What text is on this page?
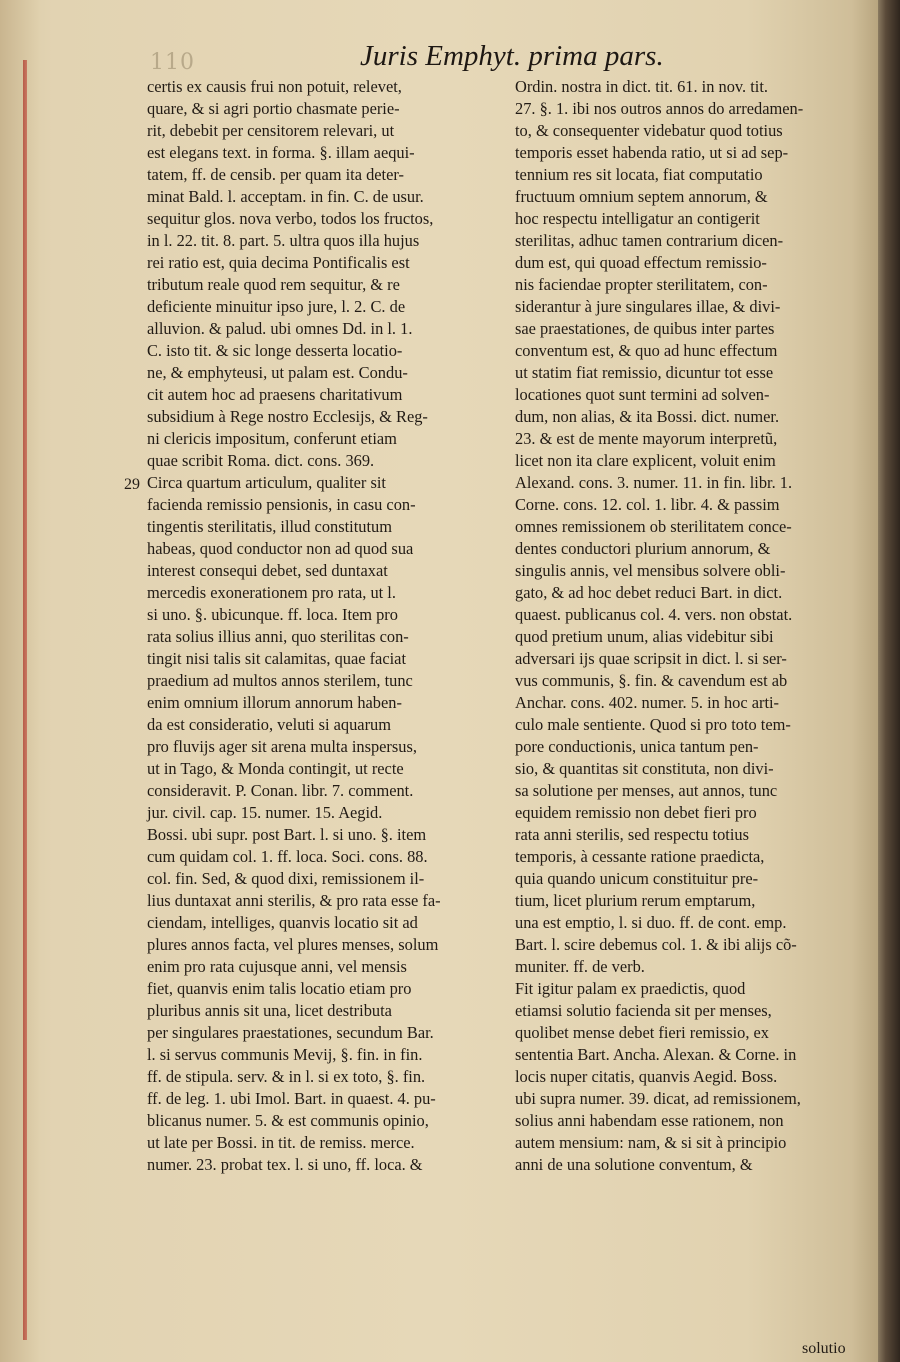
110	Juris Emphyt. prima pars.
certis ex causis frui non potuit, relevet,
quare, & si agri portio chasmate perie-
rit, debebit per censitorem relevari, ut
est elegans text. in forma. §. illam aequi-
tatem, ff. de censib. per quam ita deter-
minat Bald. l. acceptam. in fin. C. de usur.
sequitur glos. nova verbo, todos los fructos,
in l. 22. tit. 8. part. 5. ultra quos illa hujus
rei ratio est, quia decima Pontificalis est
tributum reale quod rem sequitur, & re
deficiente minuitur ipso jure, l. 2. C. de
alluvion. & palud. ubi omnes Dd. in l. 1.
C. isto tit. & sic longe desserta locatio-
ne, & emphyteusi, ut palam est. Condu-
cit autem hoc ad praesens charitativum
subsidium à Rege nostro Ecclesijs, & Reg-
ni clericis impositum, conferunt etiam
quae scribit Roma. dict. cons. 369.
Circa quartum articulum, qualiter sit
facienda remissio pensionis, in casu con-
tingentis sterilitatis, illud constitutum
habeas, quod conductor non ad quod sua
interest consequi debet, sed duntaxat
mercedis exonerationem pro rata, ut l.
si uno. §. ubicunque. ff. loca. Item pro
rata solius illius anni, quo sterilitas con-
tingit nisi talis sit calamitas, quae faciat
praedium ad multos annos sterilem, tunc
enim omnium illorum annorum haben-
da est consideratio, veluti si aquarum
pro fluvijs ager sit arena multa inspersus,
ut in Tago, & Monda contingit, ut recte
consideravit. P. Conan. libr. 7. comment.
jur. civil. cap. 15. numer. 15. Aegid.
Bossi. ubi supr. post Bart. l. si uno. §. item
cum quidam col. 1. ff. loca. Soci. cons. 88.
col. fin. Sed, & quod dixi, remissionem il-
lius duntaxat anni sterilis, & pro rata esse fa-
ciendam, intelliges, quanvis locatio sit ad
plures annos facta, vel plures menses, solum
enim pro rata cujusque anni, vel mensis
fiet, quanvis enim talis locatio etiam pro
pluribus annis sit una, licet destributa
per singulares praestationes, secundum Bar.
l. si servus communis Mevij, §. fin. in fin.
ff. de stipula. serv. & in l. si ex toto, §. fin.
ff. de leg. 1. ubi Imol. Bart. in quaest. 4. pu-
blicanus numer. 5. & est communis opinio,
ut late per Bossi. in tit. de remiss. merce.
numer. 23. probat tex. l. si uno, ff. loca. &
Ordin. nostra in dict. tit. 61. in nov. tit.
27. §. 1. ibi nos outros annos do arredamen-
to, & consequenter videbatur quod totius
temporis esset habenda ratio, ut si ad sep-
tennium res sit locata, fiat computatio
fructuum omnium septem annorum, &
hoc respectu intelligatur an contigerit
sterilitas, adhuc tamen contrarium dicen-
dum est, qui quoad effectum remissio-
nis faciendae propter sterilitatem, con-
siderantur à jure singulares illae, & divi-
sae praestationes, de quibus inter partes
conventum est, & quo ad hunc effectum
ut statim fiat remissio, dicuntur tot esse
locationes quot sunt termini ad solven-
dum, non alias, & ita Bossi. dict. numer.
23. & est de mente mayorum interpretũ,
licet non ita clare explicent, voluit enim
Alexand. cons. 3. numer. 11. in fin. libr. 1.
Corne. cons. 12. col. 1. libr. 4. & passim
omnes remissionem ob sterilitatem conce-
dentes conductori plurium annorum, &
singulis annis, vel mensibus solvere obli-
gato, & ad hoc debet reduci Bart. in dict.
quaest. publicanus col. 4. vers. non obstat.
quod pretium unum, alias videbitur sibi
adversari ijs quae scripsit in dict. l. si ser-
vus communis, §. fin. & cavendum est ab
Anchar. cons. 402. numer. 5. in hoc arti-
culo male sentiente. Quod si pro toto tem-
pore conductionis, unica tantum pen-
sio, & quantitas sit constituta, non divi-
sa solutione per menses, aut annos, tunc
equidem remissio non debet fieri pro
rata anni sterilis, sed respectu totius
temporis, à cessante ratione praedicta,
quia quando unicum constituitur pre-
tium, licet plurium rerum emptarum,
una est emptio, l. si duo. ff. de cont. emp.
Bart. l. scire debemus col. 1. & ibi alijs cõ-
muniter. ff. de verb.
Fit igitur palam ex praedictis, quod
etiamsi solutio facienda sit per menses,
quolibet mense debet fieri remissio, ex
sententia Bart. Ancha. Alexan. & Corne. in
locis nuper citatis, quanvis Aegid. Boss.
ubi supra numer. 39. dicat, ad remissionem,
solius anni habendam esse rationem, non
autem mensium: nam, & si sit à principio
anni de una solutione conventum, &
29
solutio
